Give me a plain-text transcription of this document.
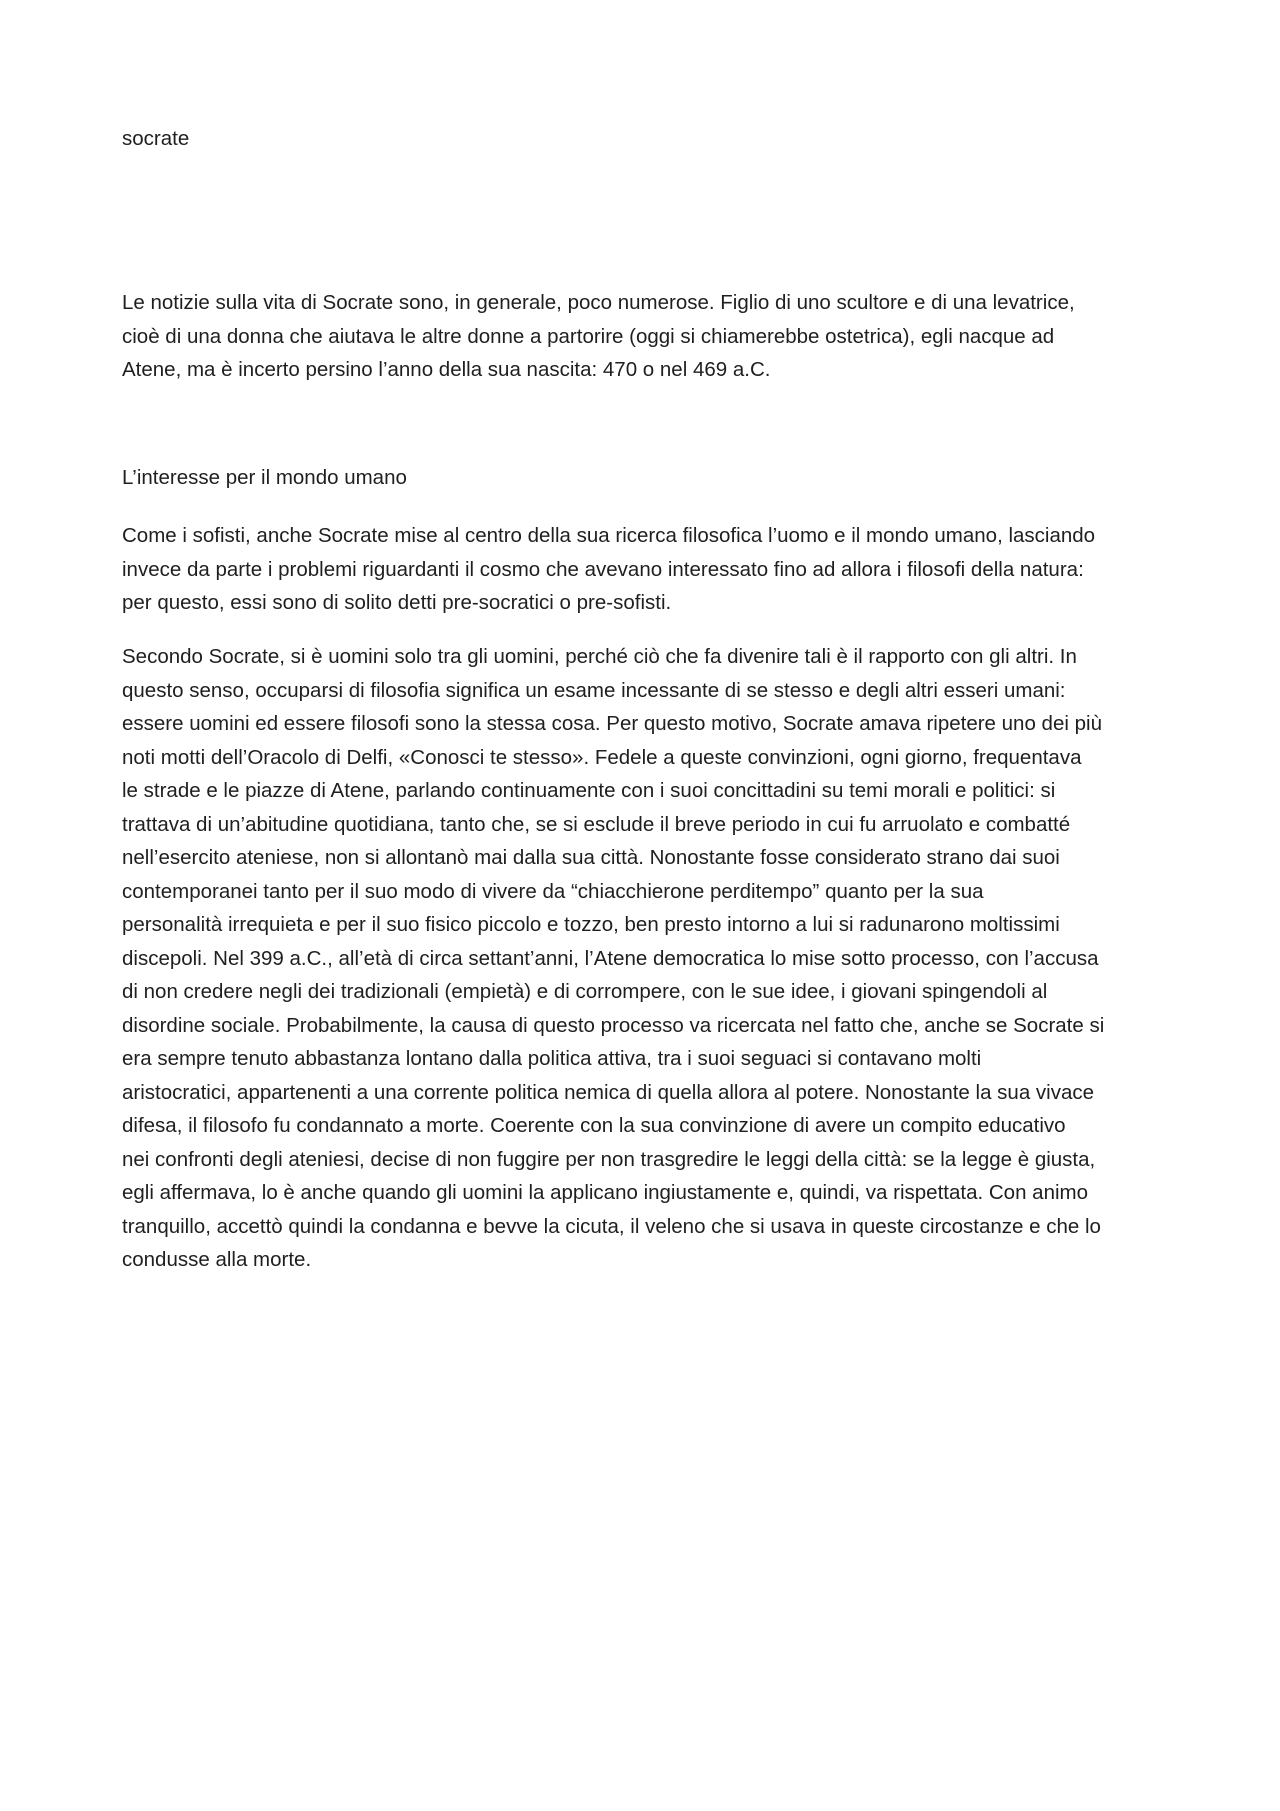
socrate

Le notizie sulla vita di Socrate sono, in generale, poco numerose. Figlio di uno scultore e di una levatrice,
cioè di una donna che aiutava le altre donne a partorire (oggi si chiamerebbe ostetrica), egli nacque ad
Atene, ma è incerto persino l’anno della sua nascita: 470 o nel 469 a.C.

L’interesse per il mondo umano

Come i sofisti, anche Socrate mise al centro della sua ricerca filosofica l’uomo e il mondo umano, lasciando
invece da parte i problemi riguardanti il cosmo che avevano interessato fino ad allora i filosofi della natura:
per questo, essi sono di solito detti pre-socratici o pre-sofisti.

Secondo Socrate, si è uomini solo tra gli uomini, perché ciò che fa divenire tali è il rapporto con gli altri. In
questo senso, occuparsi di filosofia significa un esame incessante di se stesso e degli altri esseri umani:
essere uomini ed essere filosofi sono la stessa cosa. Per questo motivo, Socrate amava ripetere uno dei più
noti motti dell’Oracolo di Delfi, «Conosci te stesso». Fedele a queste convinzioni, ogni giorno, frequentava
le strade e le piazze di Atene, parlando continuamente con i suoi concittadini su temi morali e politici: si
trattava di un’abitudine quotidiana, tanto che, se si esclude il breve periodo in cui fu arruolato e combatté
nell’esercito ateniese, non si allontanò mai dalla sua città. Nonostante fosse considerato strano dai suoi
contemporanei tanto per il suo modo di vivere da “chiacchierone perditempo” quanto per la sua
personalità irrequieta e per il suo fisico piccolo e tozzo, ben presto intorno a lui si radunarono moltissimi
discepoli. Nel 399 a.C., all’età di circa settant’anni, l’Atene democratica lo mise sotto processo, con l’accusa
di non credere negli dei tradizionali (empietà) e di corrompere, con le sue idee, i giovani spingendoli al
disordine sociale. Probabilmente, la causa di questo processo va ricercata nel fatto che, anche se Socrate si
era sempre tenuto abbastanza lontano dalla politica attiva, tra i suoi seguaci si contavano molti
aristocratici, appartenenti a una corrente politica nemica di quella allora al potere. Nonostante la sua vivace
difesa, il filosofo fu condannato a morte. Coerente con la sua convinzione di avere un compito educativo
nei confronti degli ateniesi, decise di non fuggire per non trasgredire le leggi della città: se la legge è giusta,
egli affermava, lo è anche quando gli uomini la applicano ingiustamente e, quindi, va rispettata. Con animo
tranquillo, accettò quindi la condanna e bevve la cicuta, il veleno che si usava in queste circostanze e che lo
condusse alla morte.
